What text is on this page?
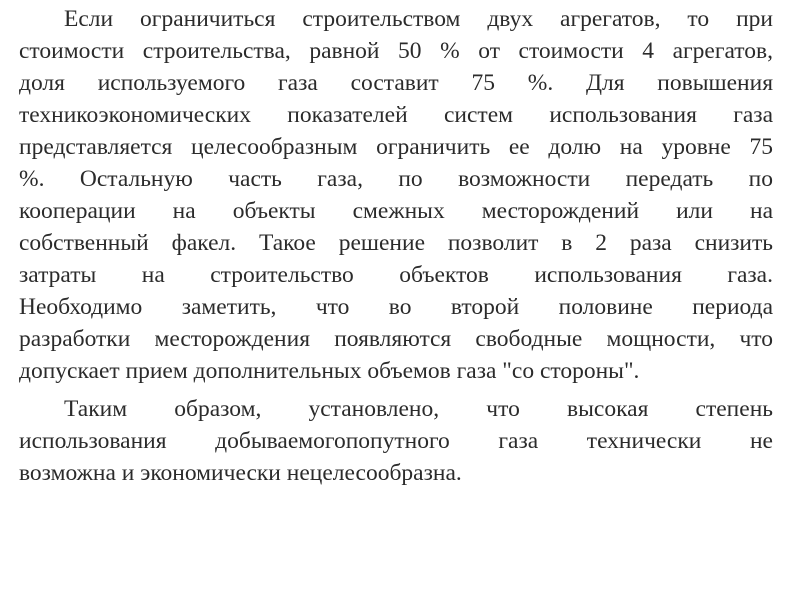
Если ограничиться строительством двух агрегатов, то при

стоимости строительства, равной 50 % от стоимости 4 агрегатов,

доля используемого газа составит 75 %. Для повышения

техникоэкономических показателей систем использования газа

представляется целесообразным ограничить ее долю на уровне 75

%. Остальную часть газа, по возможности передать по

кооперации на объекты смежных месторождений или на

собственный факел. Такое решение позволит в 2 раза снизить

затраты на строительство объектов использования газа.

Необходимо заметить, что во второй половине периода

разработки месторождения появляются свободные мощности, что

допускает прием дополнительных объемов газа "со стороны".

Таким образом, установлено, что высокая степень

использования добываемогопопутного газа технически не

возможна и экономически нецелесообразна.
